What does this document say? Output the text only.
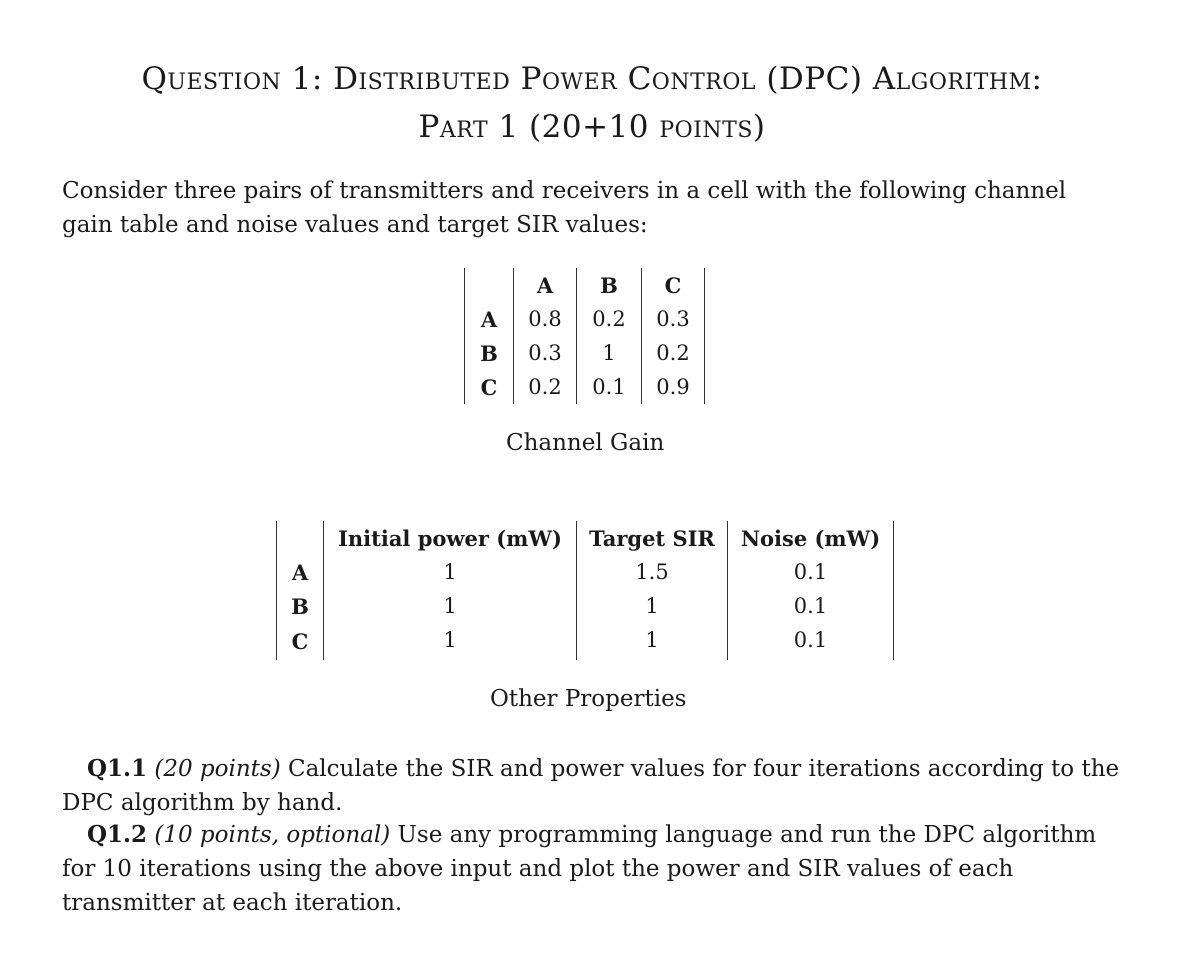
Question 1: Distributed Power Control (DPC) Algorithm:
Part 1 (20+10 points)

Consider three pairs of transmitters and receivers in a cell with the following channel gain table and noise values and target SIR values:

	A	B	C
A	0.8	0.2	0.3
B	0.3	1	0.2
C	0.2	0.1	0.9
Channel Gain
	Initial power (mW)	Target SIR	Noise (mW)
A	1	1.5	0.1
B	1	1	0.1
C	1	1	0.1
Other Properties

Q1.1 (20 points) Calculate the SIR and power values for four iterations according to the DPC algorithm by hand.

Q1.2 (10 points, optional) Use any programming language and run the DPC algorithm for 10 iterations using the above input and plot the power and SIR values of each transmitter at each iteration.
